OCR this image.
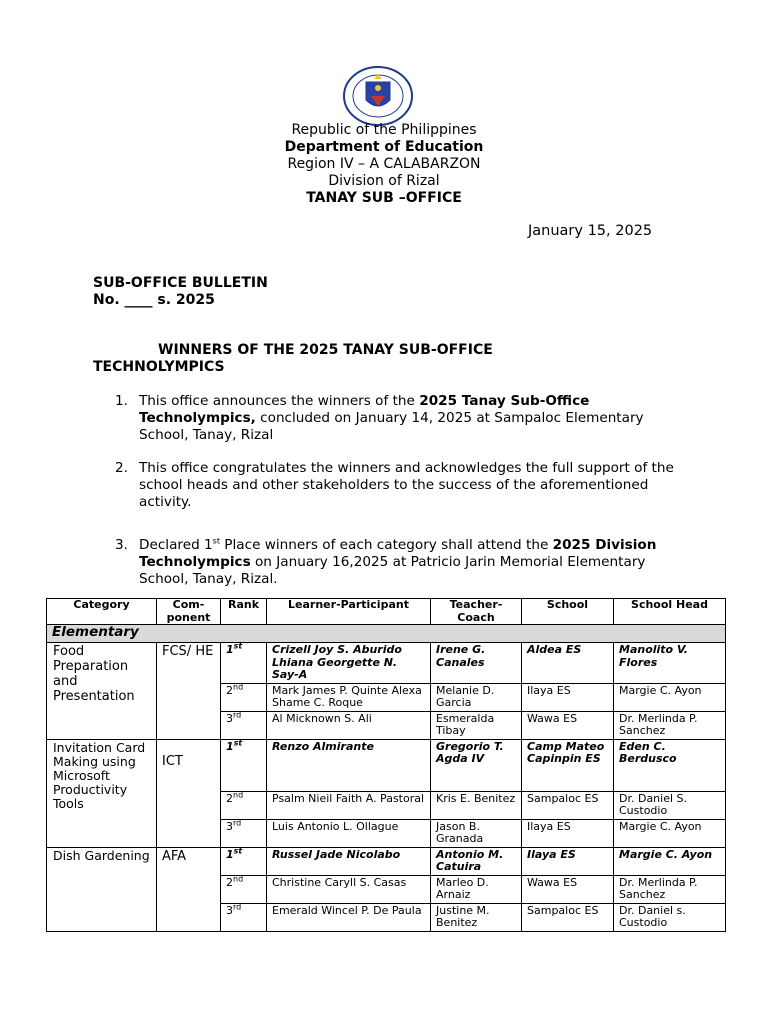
Republic of the Philippines
Department of Education
Region IV – A CALABARZON
Division of Rizal
TANAY SUB –OFFICE
January 15, 2025
SUB-OFFICE BULLETIN
No. ____ s. 2025
WINNERS OF THE 2025 TANAY SUB-OFFICE
TECHNOLYMPICS
1. This office announces the winners of the 2025 Tanay Sub-Office Technolympics, concluded on January 14, 2025 at Sampaloc Elementary School, Tanay, Rizal
2. This office congratulates the winners and acknowledges the full support of the school heads and other stakeholders to the success of the aforementioned activity.
3. Declared 1st Place winners of each category shall attend the 2025 Division Technolympics on January 16,2025 at Patricio Jarin Memorial Elementary School, Tanay, Rizal.
Category	Com-ponent	Rank	Learner-Participant	Teacher-Coach	School	School Head
Elementary						
Food Preparation and Presentation	FCS/ HE	1st	Crizell Joy S. Aburido Lhiana Georgette N. Say-A	Irene G. Canales	Aldea ES	Manolito V. Flores
		2nd	Mark James P. Quinte Alexa Shame C. Roque	Melanie D. Garcia	Ilaya ES	Margie C. Ayon
		3rd	Al Micknown S. Ali	Esmeralda Tibay	Wawa ES	Dr. Merlinda P. Sanchez
Invitation Card Making using Microsoft Productivity Tools	ICT	1st	Renzo Almirante	Gregorio T. Agda IV	Camp Mateo Capinpin ES	Eden C. Berdusco
		2nd	Psalm Nieil Faith A. Pastoral	Kris E. Benitez	Sampaloc ES	Dr. Daniel S. Custodio
		3rd	Luis Antonio L. Ollague	Jason B. Granada	Ilaya ES	Margie C. Ayon
Dish Gardening	AFA	1st	Russel Jade Nicolabo	Antonio M. Catuira	Ilaya ES	Margie C. Ayon
		2nd	Christine Caryll S. Casas	Marleo D. Arnaiz	Wawa ES	Dr. Merlinda P. Sanchez
		3rd	Emerald Wincel P. De Paula	Justine M. Benitez	Sampaloc ES	Dr. Daniel s. Custodio
